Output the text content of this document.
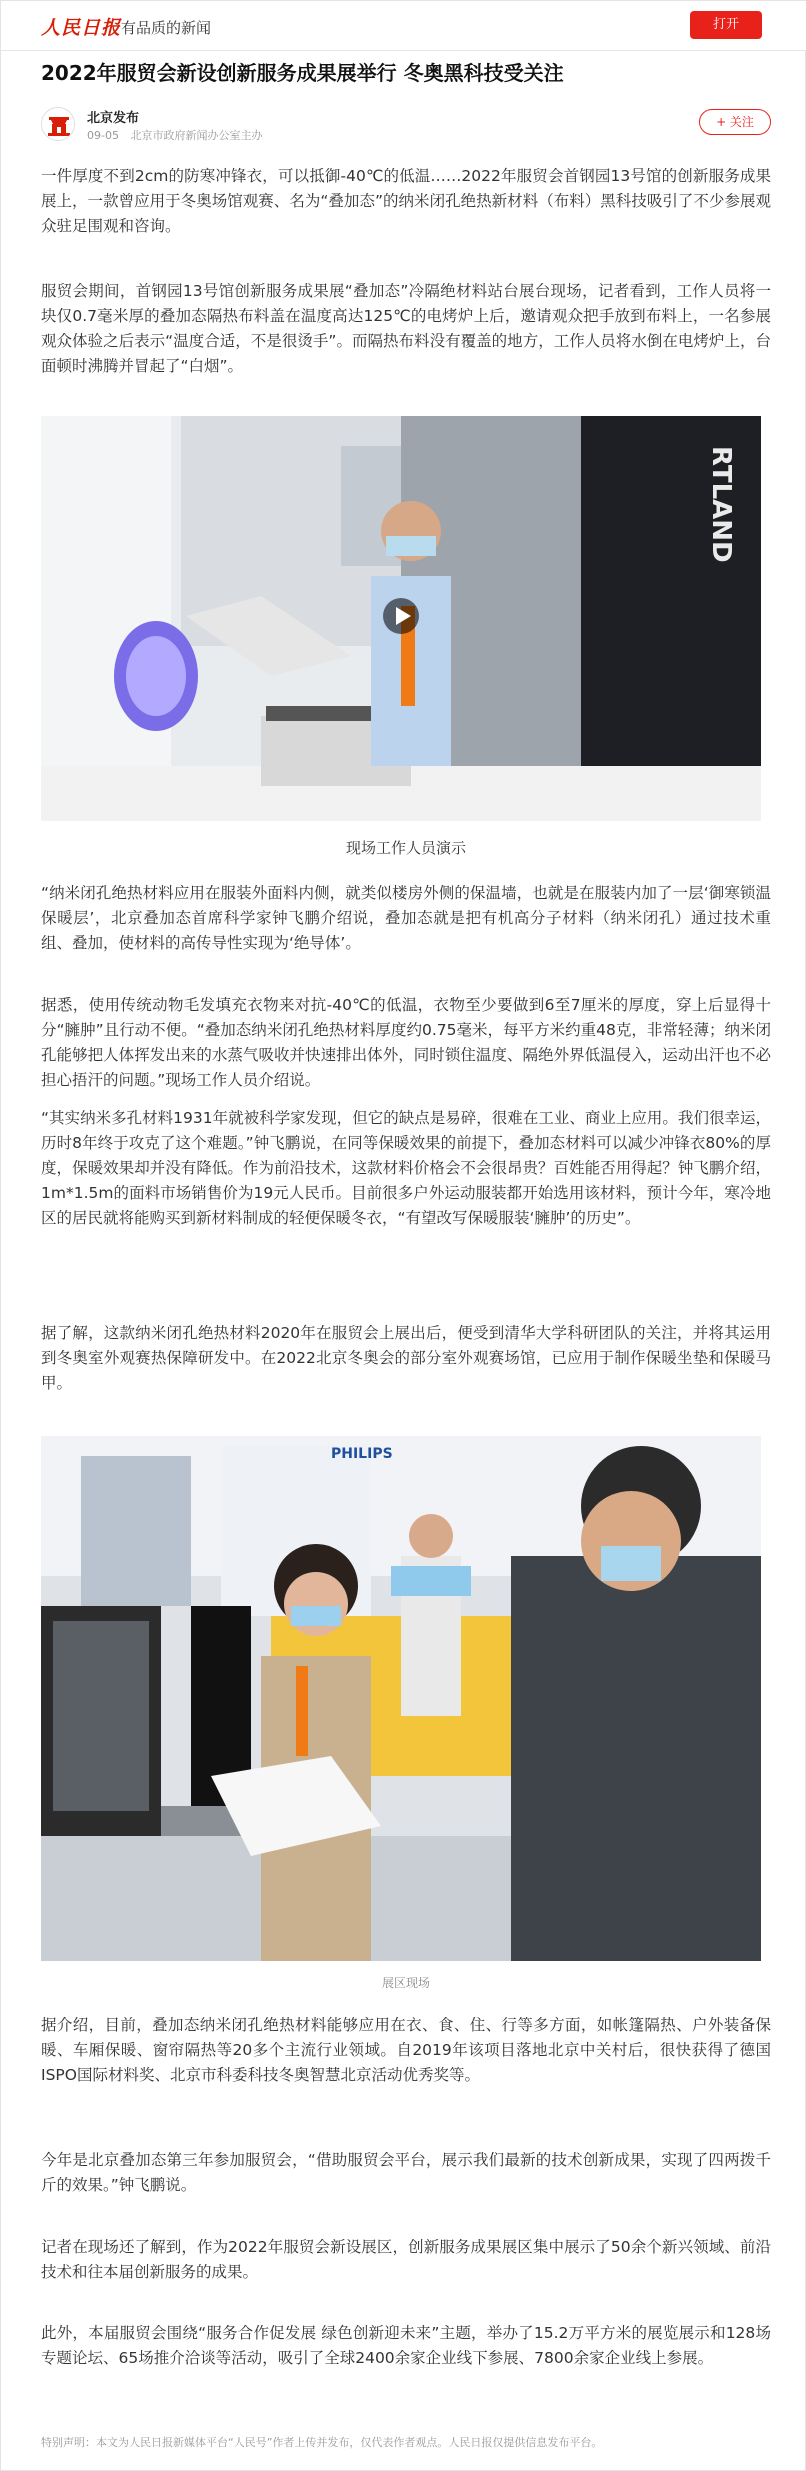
人民日报 有品质的新闻	打开
2022年服贸会新设创新服务成果展举行 冬奥黑科技受关注
北京发布
09-05 北京市政府新闻办公室主办
+ 关注

一件厚度不到2cm的防寒冲锋衣，可以抵御-40℃的低温……2022年服贸会首钢园13号馆的创新服务成果展上，一款曾应用于冬奥场馆观赛、名为“叠加态”的纳米闭孔绝热新材料（布料）黑科技吸引了不少参展观众驻足围观和咨询。

服贸会期间，首钢园13号馆创新服务成果展“叠加态”冷隔绝材料站台展台现场，记者看到，工作人员将一块仅0.7毫米厚的叠加态隔热布料盖在温度高达125℃的电烤炉上后，邀请观众把手放到布料上，一名参展观众体验之后表示“温度合适，不是很烫手”。而隔热布料没有覆盖的地方，工作人员将水倒在电烤炉上，台面顿时沸腾并冒起了“白烟”。

RTLAND
现场工作人员演示

“纳米闭孔绝热材料应用在服装外面料内侧，就类似楼房外侧的保温墙，也就是在服装内加了一层‘御寒锁温保暖层’，北京叠加态首席科学家钟飞鹏介绍说，叠加态就是把有机高分子材料（纳米闭孔）通过技术重组、叠加，使材料的高传导性实现为‘绝导体’。

据悉，使用传统动物毛发填充衣物来对抗-40℃的低温，衣物至少要做到6至7厘米的厚度，穿上后显得十分“臃肿”且行动不便。“叠加态纳米闭孔绝热材料厚度约0.75毫米，每平方米约重48克，非常轻薄；纳米闭孔能够把人体挥发出来的水蒸气吸收并快速排出体外，同时锁住温度、隔绝外界低温侵入，运动出汗也不必担心捂汗的问题。”现场工作人员介绍说。

“其实纳米多孔材料1931年就被科学家发现，但它的缺点是易碎，很难在工业、商业上应用。我们很幸运，历时8年终于攻克了这个难题。”钟飞鹏说，在同等保暖效果的前提下，叠加态材料可以减少冲锋衣80%的厚度，保暖效果却并没有降低。作为前沿技术，这款材料价格会不会很昂贵？百姓能否用得起？钟飞鹏介绍，1m*1.5m的面料市场销售价为19元人民币。目前很多户外运动服装都开始选用该材料，预计今年，寒冷地区的居民就将能购买到新材料制成的轻便保暖冬衣，“有望改写保暖服装‘臃肿’的历史”。

据了解，这款纳米闭孔绝热材料2020年在服贸会上展出后，便受到清华大学科研团队的关注，并将其运用到冬奥室外观赛热保障研发中。在2022北京冬奥会的部分室外观赛场馆，已应用于制作保暖坐垫和保暖马甲。

PHILIPS
展区现场

据介绍，目前，叠加态纳米闭孔绝热材料能够应用在衣、食、住、行等多方面，如帐篷隔热、户外装备保暖、车厢保暖、窗帘隔热等20多个主流行业领域。自2019年该项目落地北京中关村后，很快获得了德国ISPO国际材料奖、北京市科委科技冬奥智慧北京活动优秀奖等。

今年是北京叠加态第三年参加服贸会，“借助服贸会平台，展示我们最新的技术创新成果，实现了四两拨千斤的效果。”钟飞鹏说。

记者在现场还了解到，作为2022年服贸会新设展区，创新服务成果展区集中展示了50余个新兴领域、前沿技术和往本届创新服务的成果。

此外，本届服贸会围绕“服务合作促发展 绿色创新迎未来”主题，举办了15.2万平方米的展览展示和128场专题论坛、65场推介洽谈等活动，吸引了全球2400余家企业线下参展、7800余家企业线上参展。

特别声明：本文为人民日报新媒体平台“人民号”作者上传并发布，仅代表作者观点。人民日报仅提供信息发布平台。
